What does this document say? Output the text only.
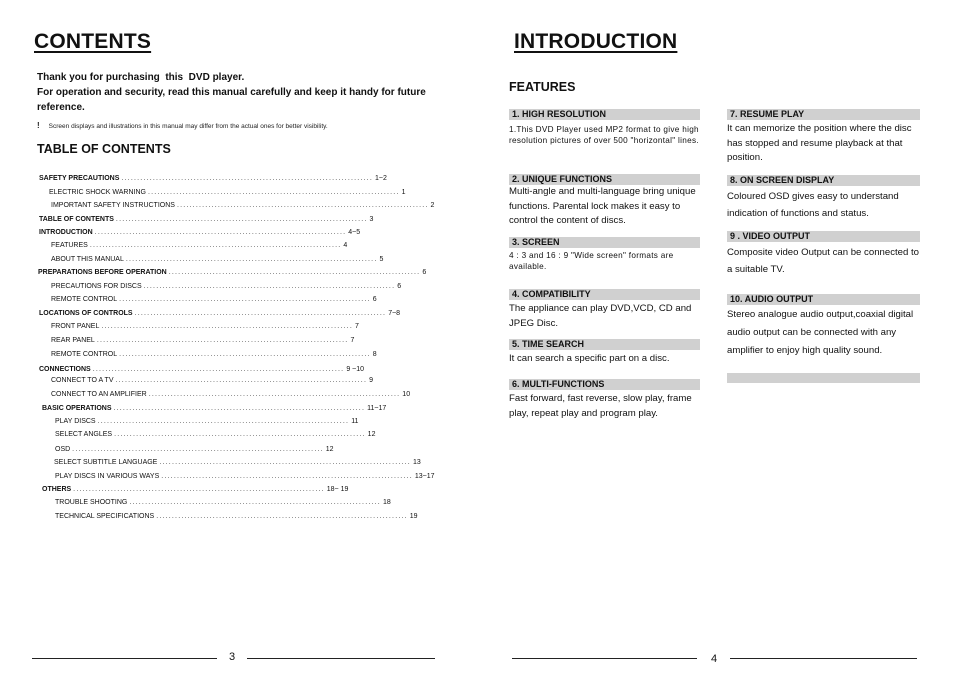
CONTENTS
Thank you for purchasing  this  DVD player.
For operation and security, read this manual carefully and keep it handy for future reference.
! Screen displays and illustrations in this manual may differ from the actual ones for better visibility.
TABLE OF CONTENTS
SAFETY PRECAUTIONS ................................................................................ 1~2
ELECTRIC SHOCK WARNING ................................................................................ 1
IMPORTANT SAFETY INSTRUCTIONS ................................................................................ 2
TABLE OF CONTENTS ................................................................................ 3
INTRODUCTION ................................................................................ 4~5
FEATURES ................................................................................ 4
ABOUT THIS MANUAL ................................................................................ 5
PREPARATIONS BEFORE OPERATION ................................................................................ 6
PRECAUTIONS FOR DISCS ................................................................................ 6
REMOTE CONTROL ................................................................................ 6
LOCATIONS OF CONTROLS ................................................................................ 7~8
FRONT PANEL ................................................................................ 7
REAR PANEL ................................................................................ 7
REMOTE CONTROL ................................................................................ 8
CONNECTIONS ................................................................................ 9 ~10
CONNECT TO A TV ................................................................................ 9
CONNECT TO AN AMPLIFIER ................................................................................ 10
BASIC OPERATIONS ................................................................................ 11~17
PLAY DISCS ................................................................................ 11
SELECT ANGLES ................................................................................ 12
OSD ................................................................................ 12
SELECT SUBTITLE LANGUAGE ................................................................................ 13
PLAY DISCS IN VARIOUS WAYS ................................................................................ 13~17
OTHERS ................................................................................ 18~ 19
TROUBLE SHOOTING ................................................................................ 18
TECHNICAL SPECIFICATIONS ................................................................................ 19
3
INTRODUCTION
FEATURES
1. HIGH RESOLUTION
1.This DVD Player used MP2 format to give high resolution pictures of over 500 "horizontal" lines.
2. UNIQUE FUNCTIONS
Multi-angle and multi-language bring unique functions. Parental lock makes it easy to control the content of discs.
3. SCREEN
4 : 3 and 16 : 9 "Wide screen" formats are available.
4. COMPATIBILITY
The appliance can play DVD,VCD, CD and JPEG Disc.
5. TIME SEARCH
It can search a specific part on a disc.
6. MULTI-FUNCTIONS
Fast forward, fast reverse, slow play, frame play, repeat play and program play.
7. RESUME PLAY
It can memorize the position where the disc has stopped and resume playback at that position.
8. ON SCREEN DISPLAY
Coloured OSD gives easy to understand indication of functions and status.
9 . VIDEO OUTPUT
Composite video Output can be connected to a suitable TV.
10. AUDIO OUTPUT
Stereo analogue audio output,coaxial digital audio output can be connected with any amplifier to enjoy high quality sound.
4
